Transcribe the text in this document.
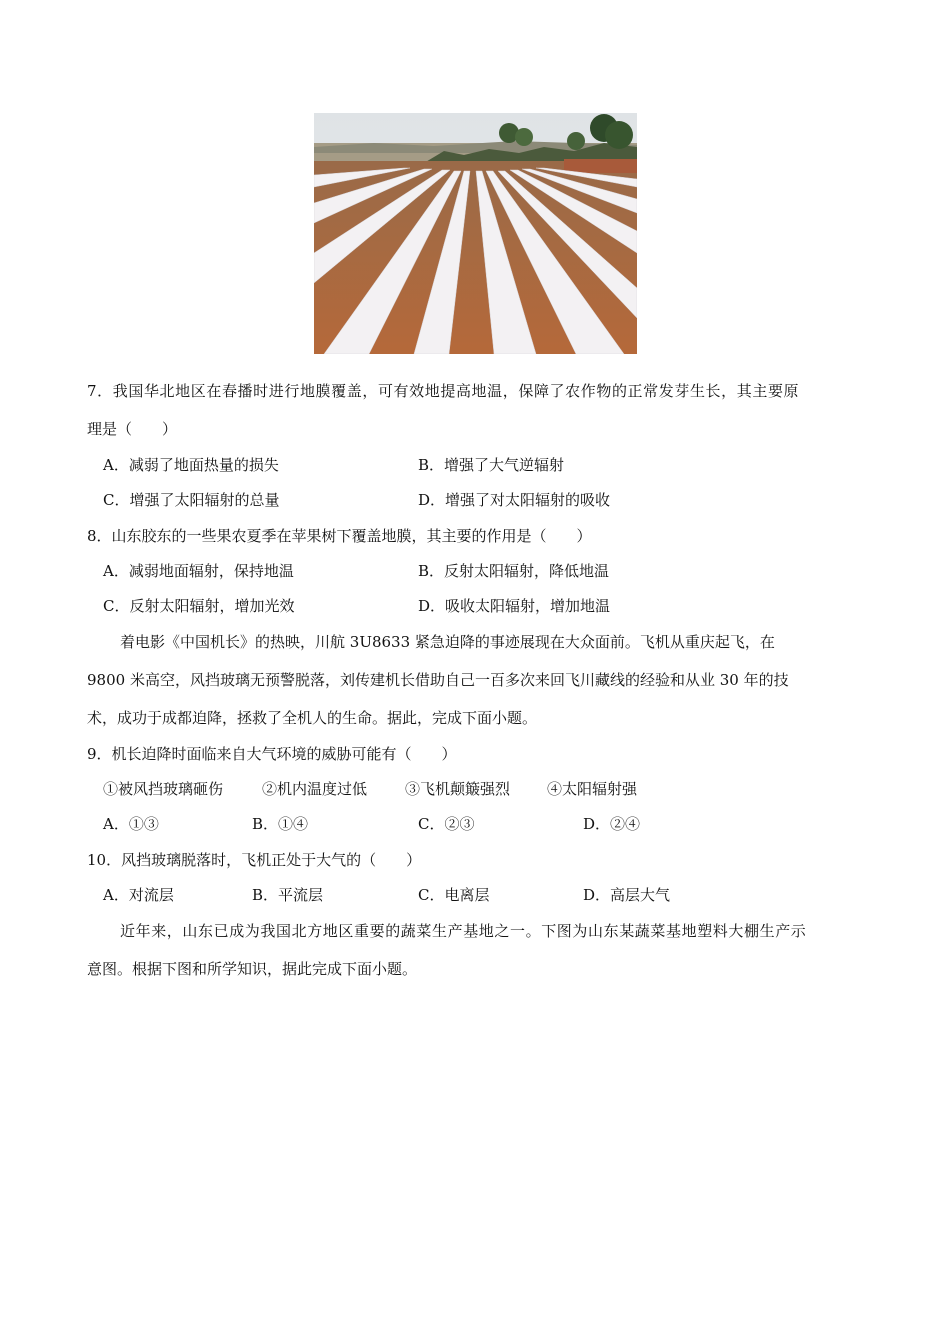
7．我国华北地区在春播时进行地膜覆盖，可有效地提高地温，保障了农作物的正常发芽生长，其主要原
理是（　　）
A．减弱了地面热量的损失	B．增强了大气逆辐射
C．增强了太阳辐射的总量	D．增强了对太阳辐射的吸收
8．山东胶东的一些果农夏季在苹果树下覆盖地膜，其主要的作用是（　　）
A．减弱地面辐射，保持地温	B．反射太阳辐射，降低地温
C．反射太阳辐射，增加光效	D．吸收太阳辐射，增加地温
着电影《中国机长》的热映，川航 3U8633 紧急迫降的事迹展现在大众面前。飞机从重庆起飞，在
9800 米高空，风挡玻璃无预警脱落，刘传建机长借助自己一百多次来回飞川藏线的经验和从业 30 年的技
术，成功于成都迫降，拯救了全机人的生命。据此，完成下面小题。
9．机长迫降时面临来自大气环境的威胁可能有（　　）
①被风挡玻璃砸伤	②机内温度过低	③飞机颠簸强烈 ④太阳辐射强
A．①③	B．①④	C．②③	D．②④
10．风挡玻璃脱落时，飞机正处于大气的（　　）
A．对流层	B．平流层	C．电离层	D．高层大气
近年来，山东已成为我国北方地区重要的蔬菜生产基地之一。下图为山东某蔬菜基地塑料大棚生产示
意图。根据下图和所学知识，据此完成下面小题。
